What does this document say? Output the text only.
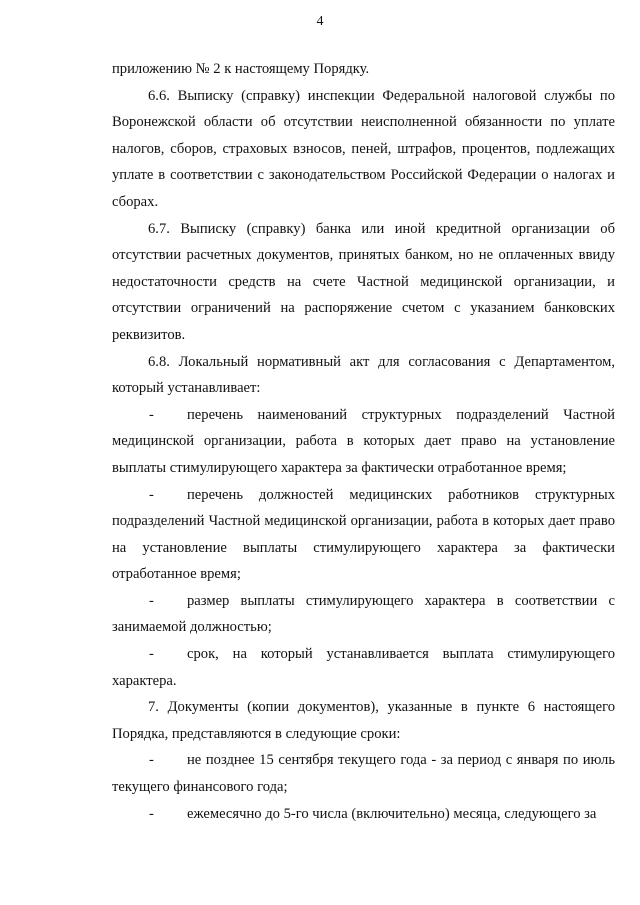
4

приложению № 2 к настоящему Порядку.

6.6. Выписку (справку) инспекции Федеральной налоговой службы по Воронежской области об отсутствии неисполненной обязанности по уплате налогов, сборов, страховых взносов, пеней, штрафов, процентов, подлежащих уплате в соответствии с законодательством Российской Федерации о налогах и сборах.

6.7. Выписку (справку) банка или иной кредитной организации об отсутствии расчетных документов, принятых банком, но не оплаченных ввиду недостаточности средств на счете Частной медицинской организации, и отсутствии ограничений на распоряжение счетом с указанием банковских реквизитов.

6.8. Локальный нормативный акт для согласования с Департаментом, который устанавливает:

- перечень наименований структурных подразделений Частной медицинской организации, работа в которых дает право на установление выплаты стимулирующего характера за фактически отработанное время;

- перечень должностей медицинских работников структурных подразделений Частной медицинской организации, работа в которых дает право на установление выплаты стимулирующего характера за фактически отработанное время;

- размер выплаты стимулирующего характера в соответствии с занимаемой должностью;

- срок, на который устанавливается выплата стимулирующего характера.

7. Документы (копии документов), указанные в пункте 6 настоящего Порядка, представляются в следующие сроки:

- не позднее 15 сентября текущего года - за период с января по июль текущего финансового года;

- ежемесячно до 5-го числа (включительно) месяца, следующего за
